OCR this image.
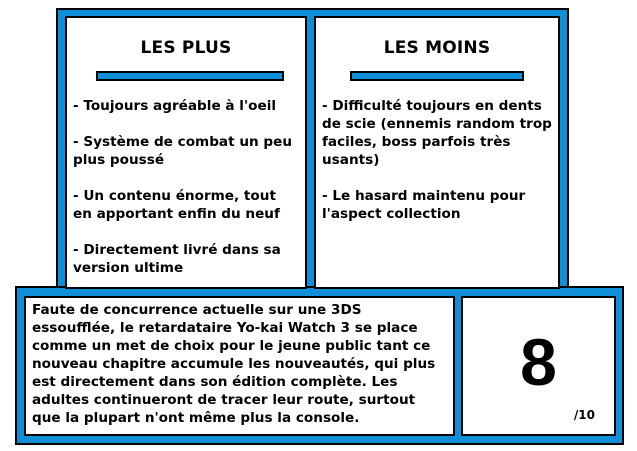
LES PLUS
- Toujours agréable à l'oeil
- Système de combat un peu plus poussé
- Un contenu énorme, tout en apportant enfin du neuf
- Directement livré dans sa version ultime
LES MOINS
- Difficulté toujours en dents de scie (ennemis random trop faciles, boss parfois très usants)
- Le hasard maintenu pour l'aspect collection

Faute de concurrence actuelle sur une 3DS essoufflée, le retardataire Yo-kai Watch 3 se place comme un met de choix pour le jeune public tant ce nouveau chapitre accumule les nouveautés, qui plus est directement dans son édition complète. Les adultes continueront de tracer leur route, surtout que la plupart n'ont même plus la console.

8
/10
